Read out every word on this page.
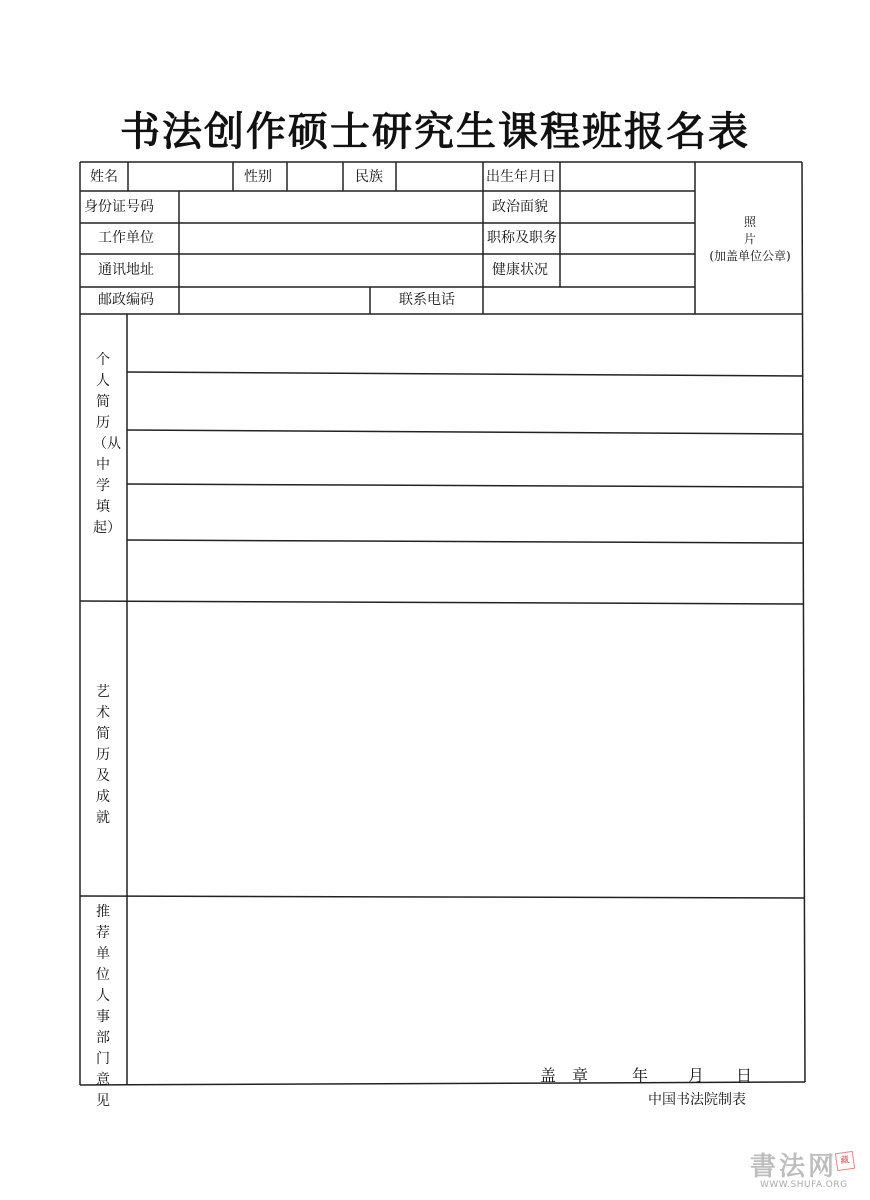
书法创作硕士研究生课程班报名表
姓名	性别	民族	出生年月日
身份证号码	政治面貌
工作单位	职称及职务
通讯地址	健康状况
邮政编码	联系电话
照
片
(加盖单位公章)
个人简历（从中学填起）
艺术简历及成就
推荐单位人事部门意见
盖　章	年 月 日
中国书法院制表
書法网 藏
WWW.SHUFA.ORG
